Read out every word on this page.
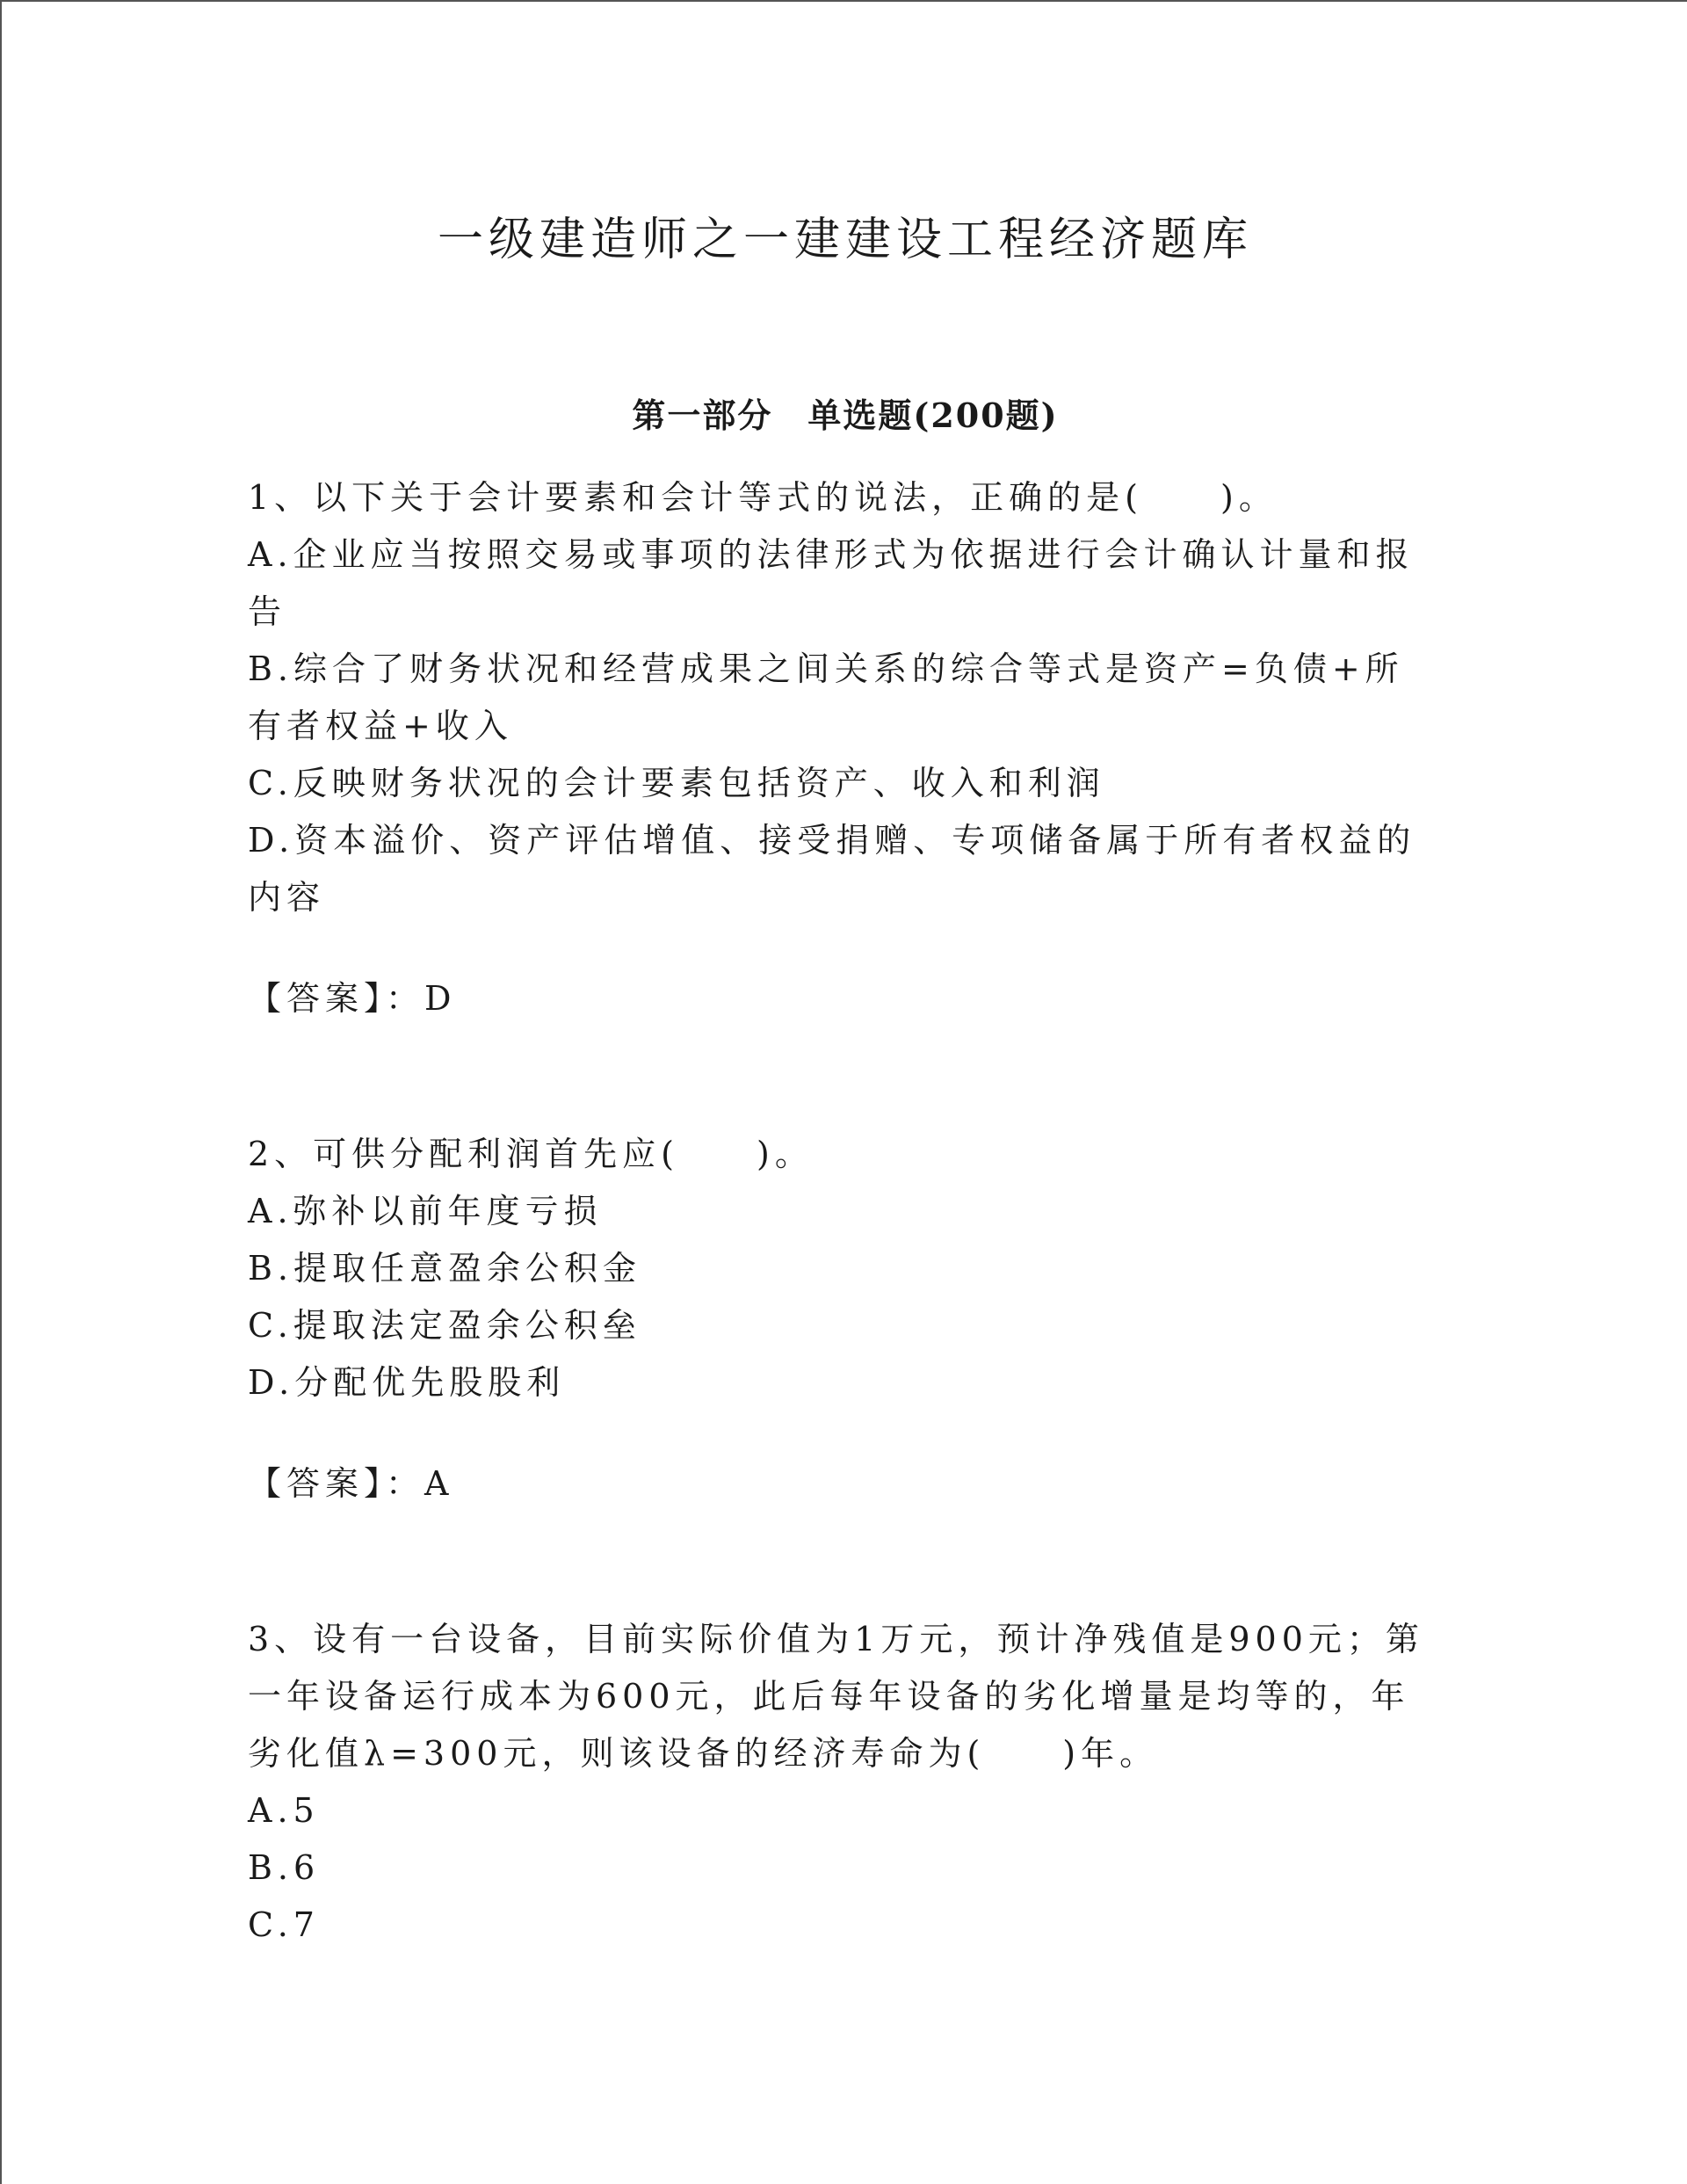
一级建造师之一建建设工程经济题库
第一部分　单选题(200题)
1、以下关于会计要素和会计等式的说法，正确的是(　　)。
A.企业应当按照交易或事项的法律形式为依据进行会计确认计量和报告
B.综合了财务状况和经营成果之间关系的综合等式是资产=负债+所有者权益+收入
C.反映财务状况的会计要素包括资产、收入和利润
D.资本溢价、资产评估增值、接受捐赠、专项储备属于所有者权益的内容
【答案】：D
2、可供分配利润首先应(　　)。
A.弥补以前年度亏损
B.提取任意盈余公积金
C.提取法定盈余公积垒
D.分配优先股股利
【答案】：A
3、设有一台设备，目前实际价值为1万元，预计净残值是900元；第一年设备运行成本为600元，此后每年设备的劣化增量是均等的，年劣化值λ=300元，则该设备的经济寿命为(　　)年。
A.5
B.6
C.7
